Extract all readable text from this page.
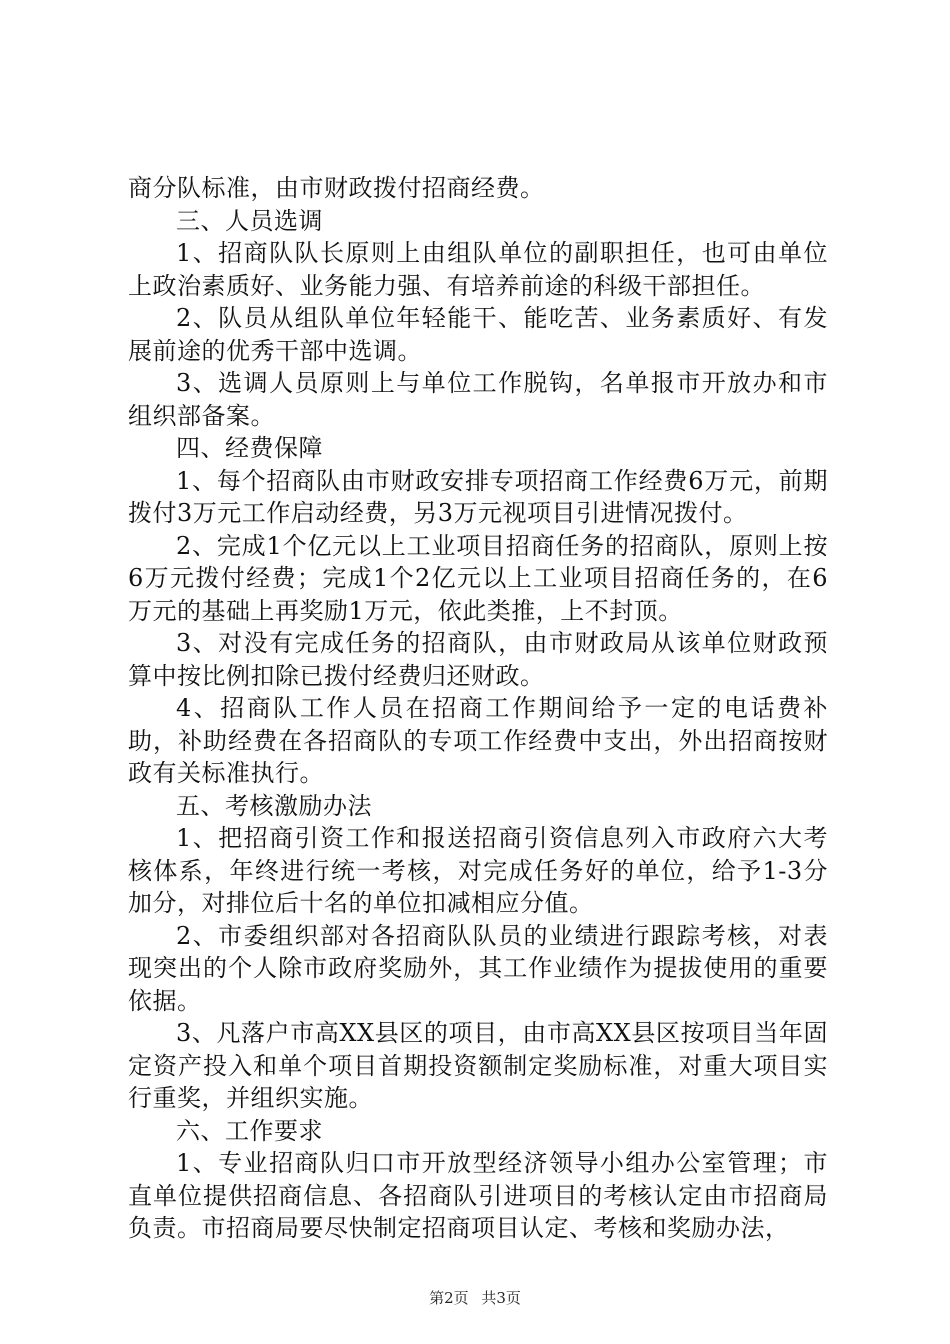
商分队标准，由市财政拨付招商经费。

三、人员选调

1、招商队队长原则上由组队单位的副职担任，也可由单位上政治素质好、业务能力强、有培养前途的科级干部担任。

2、队员从组队单位年轻能干、能吃苦、业务素质好、有发展前途的优秀干部中选调。

3、选调人员原则上与单位工作脱钩，名单报市开放办和市组织部备案。

四、经费保障

1、每个招商队由市财政安排专项招商工作经费6万元，前期拨付3万元工作启动经费，另3万元视项目引进情况拨付。

2、完成1个亿元以上工业项目招商任务的招商队，原则上按6万元拨付经费；完成1个2亿元以上工业项目招商任务的，在6万元的基础上再奖励1万元，依此类推，上不封顶。

3、对没有完成任务的招商队，由市财政局从该单位财政预算中按比例扣除已拨付经费归还财政。

4、招商队工作人员在招商工作期间给予一定的电话费补助，补助经费在各招商队的专项工作经费中支出，外出招商按财政有关标准执行。

五、考核激励办法

1、把招商引资工作和报送招商引资信息列入市政府六大考核体系，年终进行统一考核，对完成任务好的单位，给予1-3分加分，对排位后十名的单位扣减相应分值。

2、市委组织部对各招商队队员的业绩进行跟踪考核，对表现突出的个人除市政府奖励外，其工作业绩作为提拔使用的重要依据。

3、凡落户市高XX县区的项目，由市高XX县区按项目当年固定资产投入和单个项目首期投资额制定奖励标准，对重大项目实行重奖，并组织实施。

六、工作要求

1、专业招商队归口市开放型经济领导小组办公室管理；市直单位提供招商信息、各招商队引进项目的考核认定由市招商局负责。市招商局要尽快制定招商项目认定、考核和奖励办法，

第2页 共3页
